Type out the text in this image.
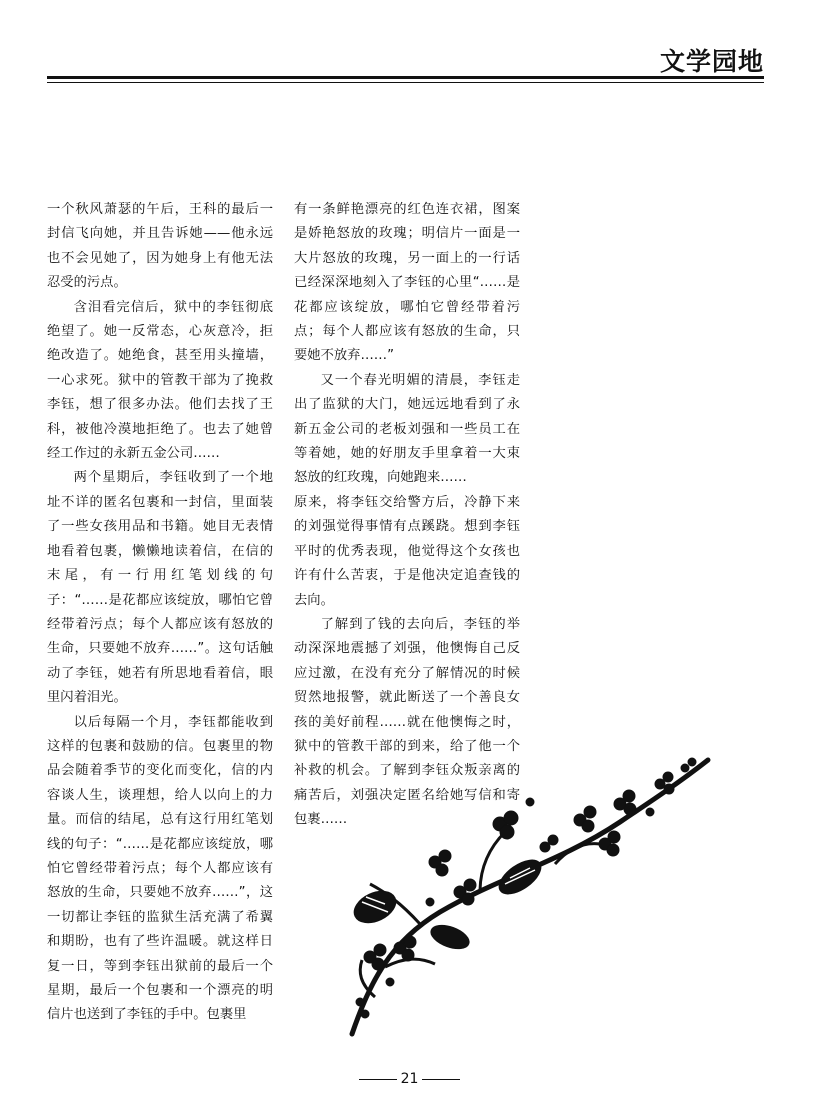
文学园地

一个秋风萧瑟的午后，王科的最后一封信飞向她，并且告诉她——他永远也不会见她了，因为她身上有他无法忍受的污点。

含泪看完信后，狱中的李钰彻底绝望了。她一反常态，心灰意冷，拒绝改造了。她绝食，甚至用头撞墙，一心求死。狱中的管教干部为了挽救李钰，想了很多办法。他们去找了王科，被他冷漠地拒绝了。也去了她曾经工作过的永新五金公司……

两个星期后，李钰收到了一个地址不详的匿名包裹和一封信，里面装了一些女孩用品和书籍。她目无表情地看着包裹，懒懒地读着信，在信的末尾，有一行用红笔划线的句子：“……是花都应该绽放，哪怕它曾经带着污点；每个人都应该有怒放的生命，只要她不放弃……”。这句话触动了李钰，她若有所思地看着信，眼里闪着泪光。

以后每隔一个月，李钰都能收到这样的包裹和鼓励的信。包裹里的物品会随着季节的变化而变化，信的内容谈人生，谈理想，给人以向上的力量。而信的结尾，总有这行用红笔划线的句子：“……是花都应该绽放，哪怕它曾经带着污点；每个人都应该有怒放的生命，只要她不放弃……”，这一切都让李钰的监狱生活充满了希翼和期盼，也有了些许温暖。就这样日复一日，等到李钰出狱前的最后一个星期，最后一个包裹和一个漂亮的明信片也送到了李钰的手中。包裹里

有一条鲜艳漂亮的红色连衣裙，图案是娇艳怒放的玫瑰；明信片一面是一大片怒放的玫瑰，另一面上的一行话已经深深地刻入了李钰的心里“……是花都应该绽放，哪怕它曾经带着污点；每个人都应该有怒放的生命，只要她不放弃……”

又一个春光明媚的清晨，李钰走出了监狱的大门，她远远地看到了永新五金公司的老板刘强和一些员工在等着她，她的好朋友手里拿着一大束怒放的红玫瑰，向她跑来……

原来，将李钰交给警方后，冷静下来的刘强觉得事情有点蹊跷。想到李钰平时的优秀表现，他觉得这个女孩也许有什么苦衷，于是他决定追查钱的去向。

了解到了钱的去向后，李钰的举动深深地震撼了刘强，他懊悔自己反应过激，在没有充分了解情况的时候贸然地报警，就此断送了一个善良女孩的美好前程……就在他懊悔之时，狱中的管教干部的到来，给了他一个补救的机会。了解到李钰众叛亲离的痛苦后，刘强决定匿名给她写信和寄包裹……

21
